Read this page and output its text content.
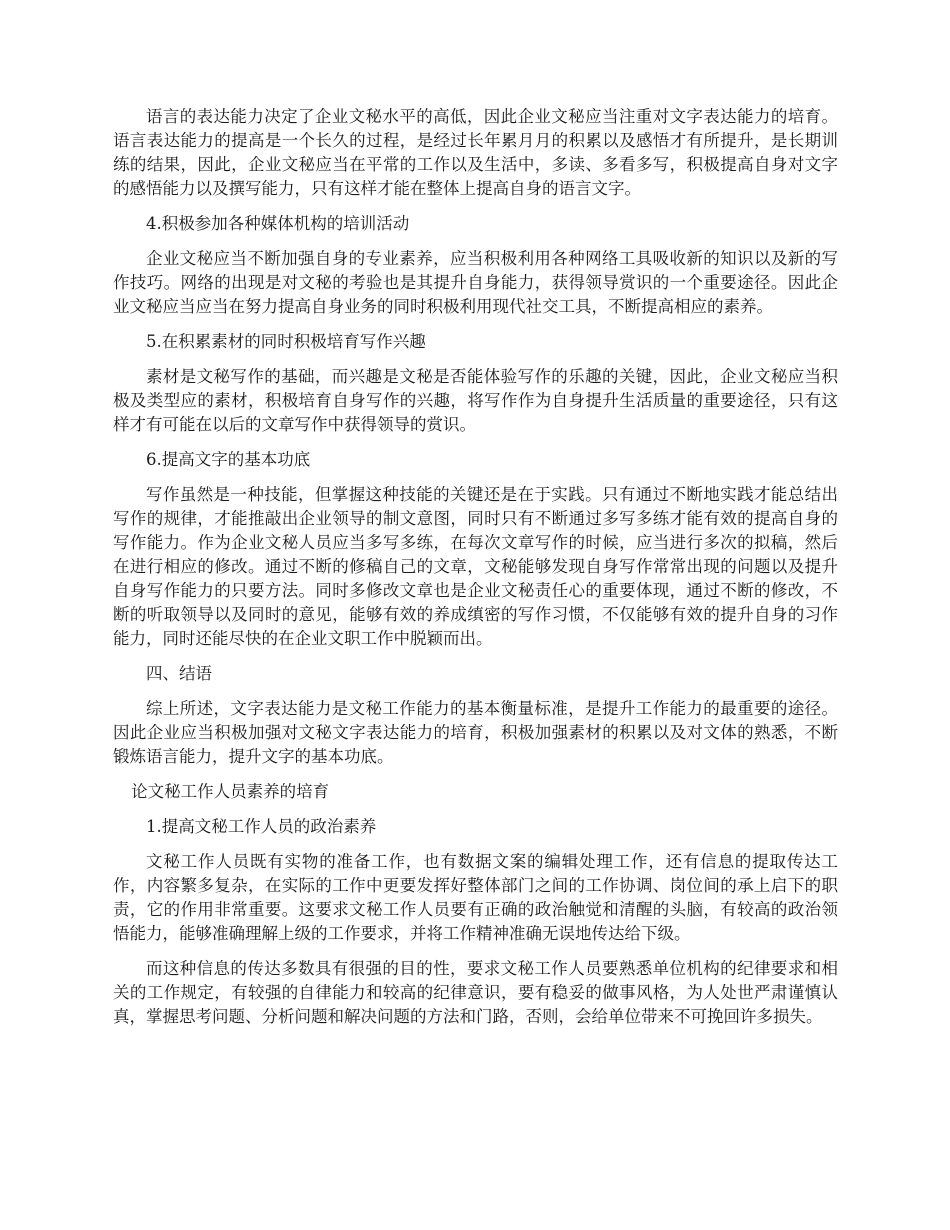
语言的表达能力决定了企业文秘水平的高低，因此企业文秘应当注重对文字表达能力的培育。语言表达能力的提高是一个长久的过程，是经过长年累月月的积累以及感悟才有所提升，是长期训练的结果，因此，企业文秘应当在平常的工作以及生活中，多读、多看多写，积极提高自身对文字的感悟能力以及撰写能力，只有这样才能在整体上提高自身的语言文字。

4.积极参加各种媒体机构的培训活动

企业文秘应当不断加强自身的专业素养，应当积极利用各种网络工具吸收新的知识以及新的写作技巧。网络的出现是对文秘的考验也是其提升自身能力，获得领导赏识的一个重要途径。因此企业文秘应当应当在努力提高自身业务的同时积极利用现代社交工具，不断提高相应的素养。

5.在积累素材的同时积极培育写作兴趣

素材是文秘写作的基础，而兴趣是文秘是否能体验写作的乐趣的关键，因此，企业文秘应当积极及类型应的素材，积极培育自身写作的兴趣，将写作作为自身提升生活质量的重要途径，只有这样才有可能在以后的文章写作中获得领导的赏识。

6.提高文字的基本功底

写作虽然是一种技能，但掌握这种技能的关键还是在于实践。只有通过不断地实践才能总结出写作的规律，才能推敲出企业领导的制文意图，同时只有不断通过多写多练才能有效的提高自身的写作能力。作为企业文秘人员应当多写多练，在每次文章写作的时候，应当进行多次的拟稿，然后在进行相应的修改。通过不断的修稿自己的文章，文秘能够发现自身写作常常出现的问题以及提升自身写作能力的只要方法。同时多修改文章也是企业文秘责任心的重要体现，通过不断的修改，不断的听取领导以及同时的意见，能够有效的养成缜密的写作习惯，不仅能够有效的提升自身的习作能力，同时还能尽快的在企业文职工作中脱颖而出。

四、结语

综上所述，文字表达能力是文秘工作能力的基本衡量标准，是提升工作能力的最重要的途径。因此企业应当积极加强对文秘文字表达能力的培育，积极加强素材的积累以及对文体的熟悉，不断锻炼语言能力，提升文字的基本功底。

论文秘工作人员素养的培育

1.提高文秘工作人员的政治素养

文秘工作人员既有实物的准备工作，也有数据文案的编辑处理工作，还有信息的提取传达工作，内容繁多复杂，在实际的工作中更要发挥好整体部门之间的工作协调、岗位间的承上启下的职责，它的作用非常重要。这要求文秘工作人员要有正确的政治触觉和清醒的头脑，有较高的政治领悟能力，能够准确理解上级的工作要求，并将工作精神准确无误地传达给下级。

而这种信息的传达多数具有很强的目的性，要求文秘工作人员要熟悉单位机构的纪律要求和相关的工作规定，有较强的自律能力和较高的纪律意识，要有稳妥的做事风格，为人处世严肃谨慎认真，掌握思考问题、分析问题和解决问题的方法和门路，否则，会给单位带来不可挽回许多损失。
